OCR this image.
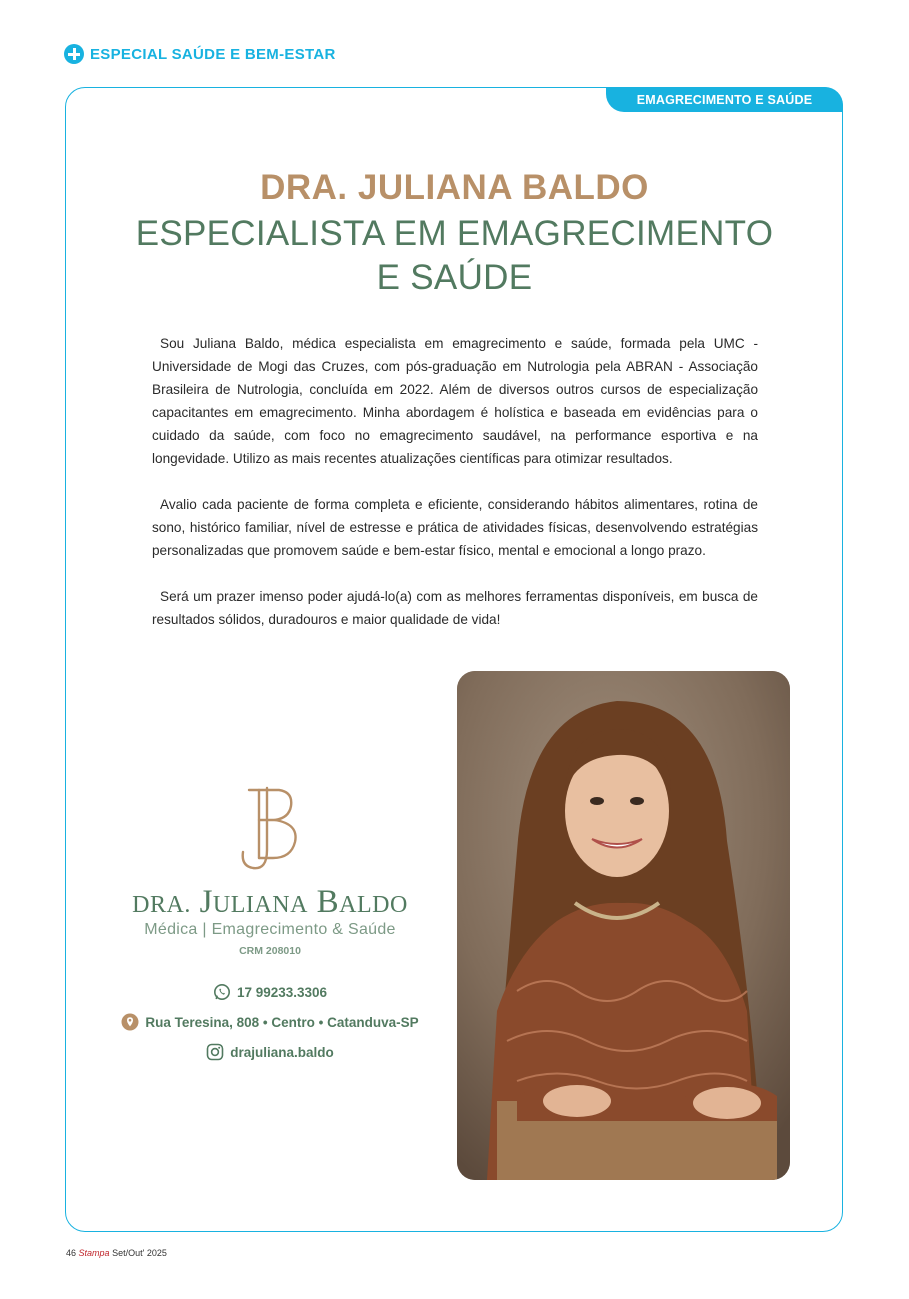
ESPECIAL SAÚDE E BEM-ESTAR
EMAGRECIMENTO E SAÚDE
DRA. JULIANA BALDO
ESPECIALISTA EM EMAGRECIMENTO
E SAÚDE

Sou Juliana Baldo, médica especialista em emagrecimento e saúde, formada pela UMC - Universidade de Mogi das Cruzes, com pós-graduação em Nutrologia pela ABRAN - Associação Brasileira de Nutrologia, concluída em 2022. Além de diversos outros cursos de especialização capacitantes em emagrecimento. Minha abordagem é holística e baseada em evidências para o cuidado da saúde, com foco no emagrecimento saudável, na performance esportiva e na longevidade. Utilizo as mais recentes atualizações científicas para otimizar resultados.

Avalio cada paciente de forma completa e eficiente, considerando hábitos alimentares, rotina de sono, histórico familiar, nível de estresse e prática de atividades físicas, desenvolvendo estratégias personalizadas que promovem saúde e bem-estar físico, mental e emocional a longo prazo.

Será um prazer imenso poder ajudá-lo(a) com as melhores ferramentas disponíveis, em busca de resultados sólidos, duradouros e maior qualidade de vida!

DRA. JULIANA BALDO
Médica | Emagrecimento & Saúde
CRM 208010
17 99233.3306
Rua Teresina, 808 • Centro • Catanduva-SP
drajuliana.baldo
46 Stampa Set/Out' 2025
